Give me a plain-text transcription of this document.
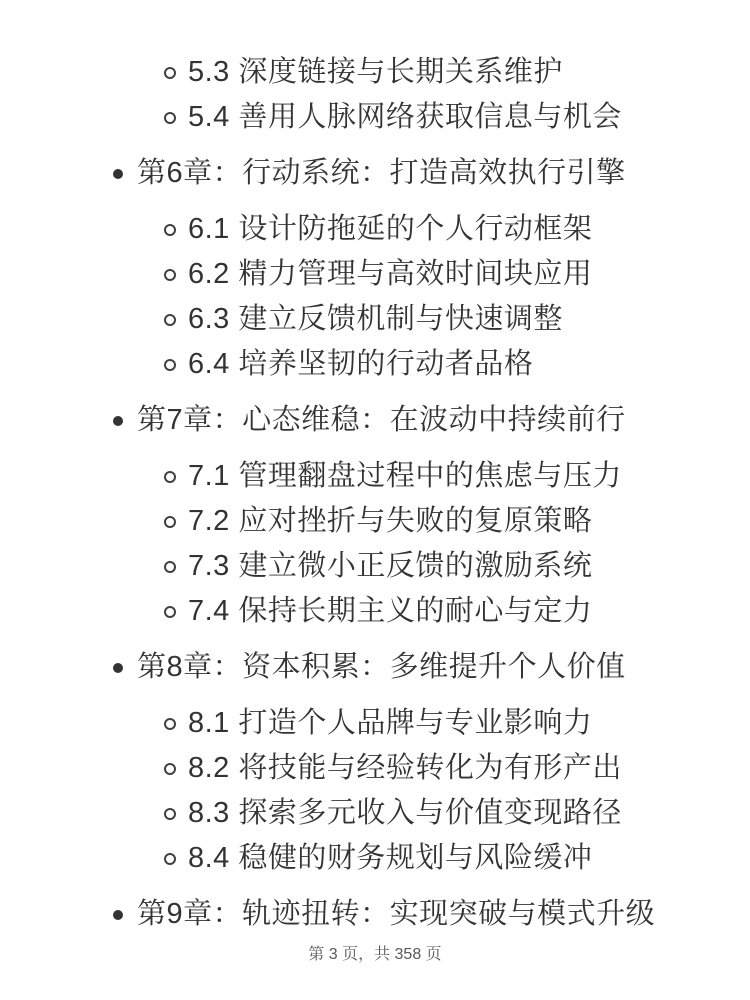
5.3 深度链接与长期关系维护
5.4 善用人脉网络获取信息与机会
第6章：行动系统：打造高效执行引擎
6.1 设计防拖延的个人行动框架
6.2 精力管理与高效时间块应用
6.3 建立反馈机制与快速调整
6.4 培养坚韧的行动者品格
第7章：心态维稳：在波动中持续前行
7.1 管理翻盘过程中的焦虑与压力
7.2 应对挫折与失败的复原策略
7.3 建立微小正反馈的激励系统
7.4 保持长期主义的耐心与定力
第8章：资本积累：多维提升个人价值
8.1 打造个人品牌与专业影响力
8.2 将技能与经验转化为有形产出
8.3 探索多元收入与价值变现路径
8.4 稳健的财务规划与风险缓冲
第9章：轨迹扭转：实现突破与模式升级
第 3 页，共 358 页
